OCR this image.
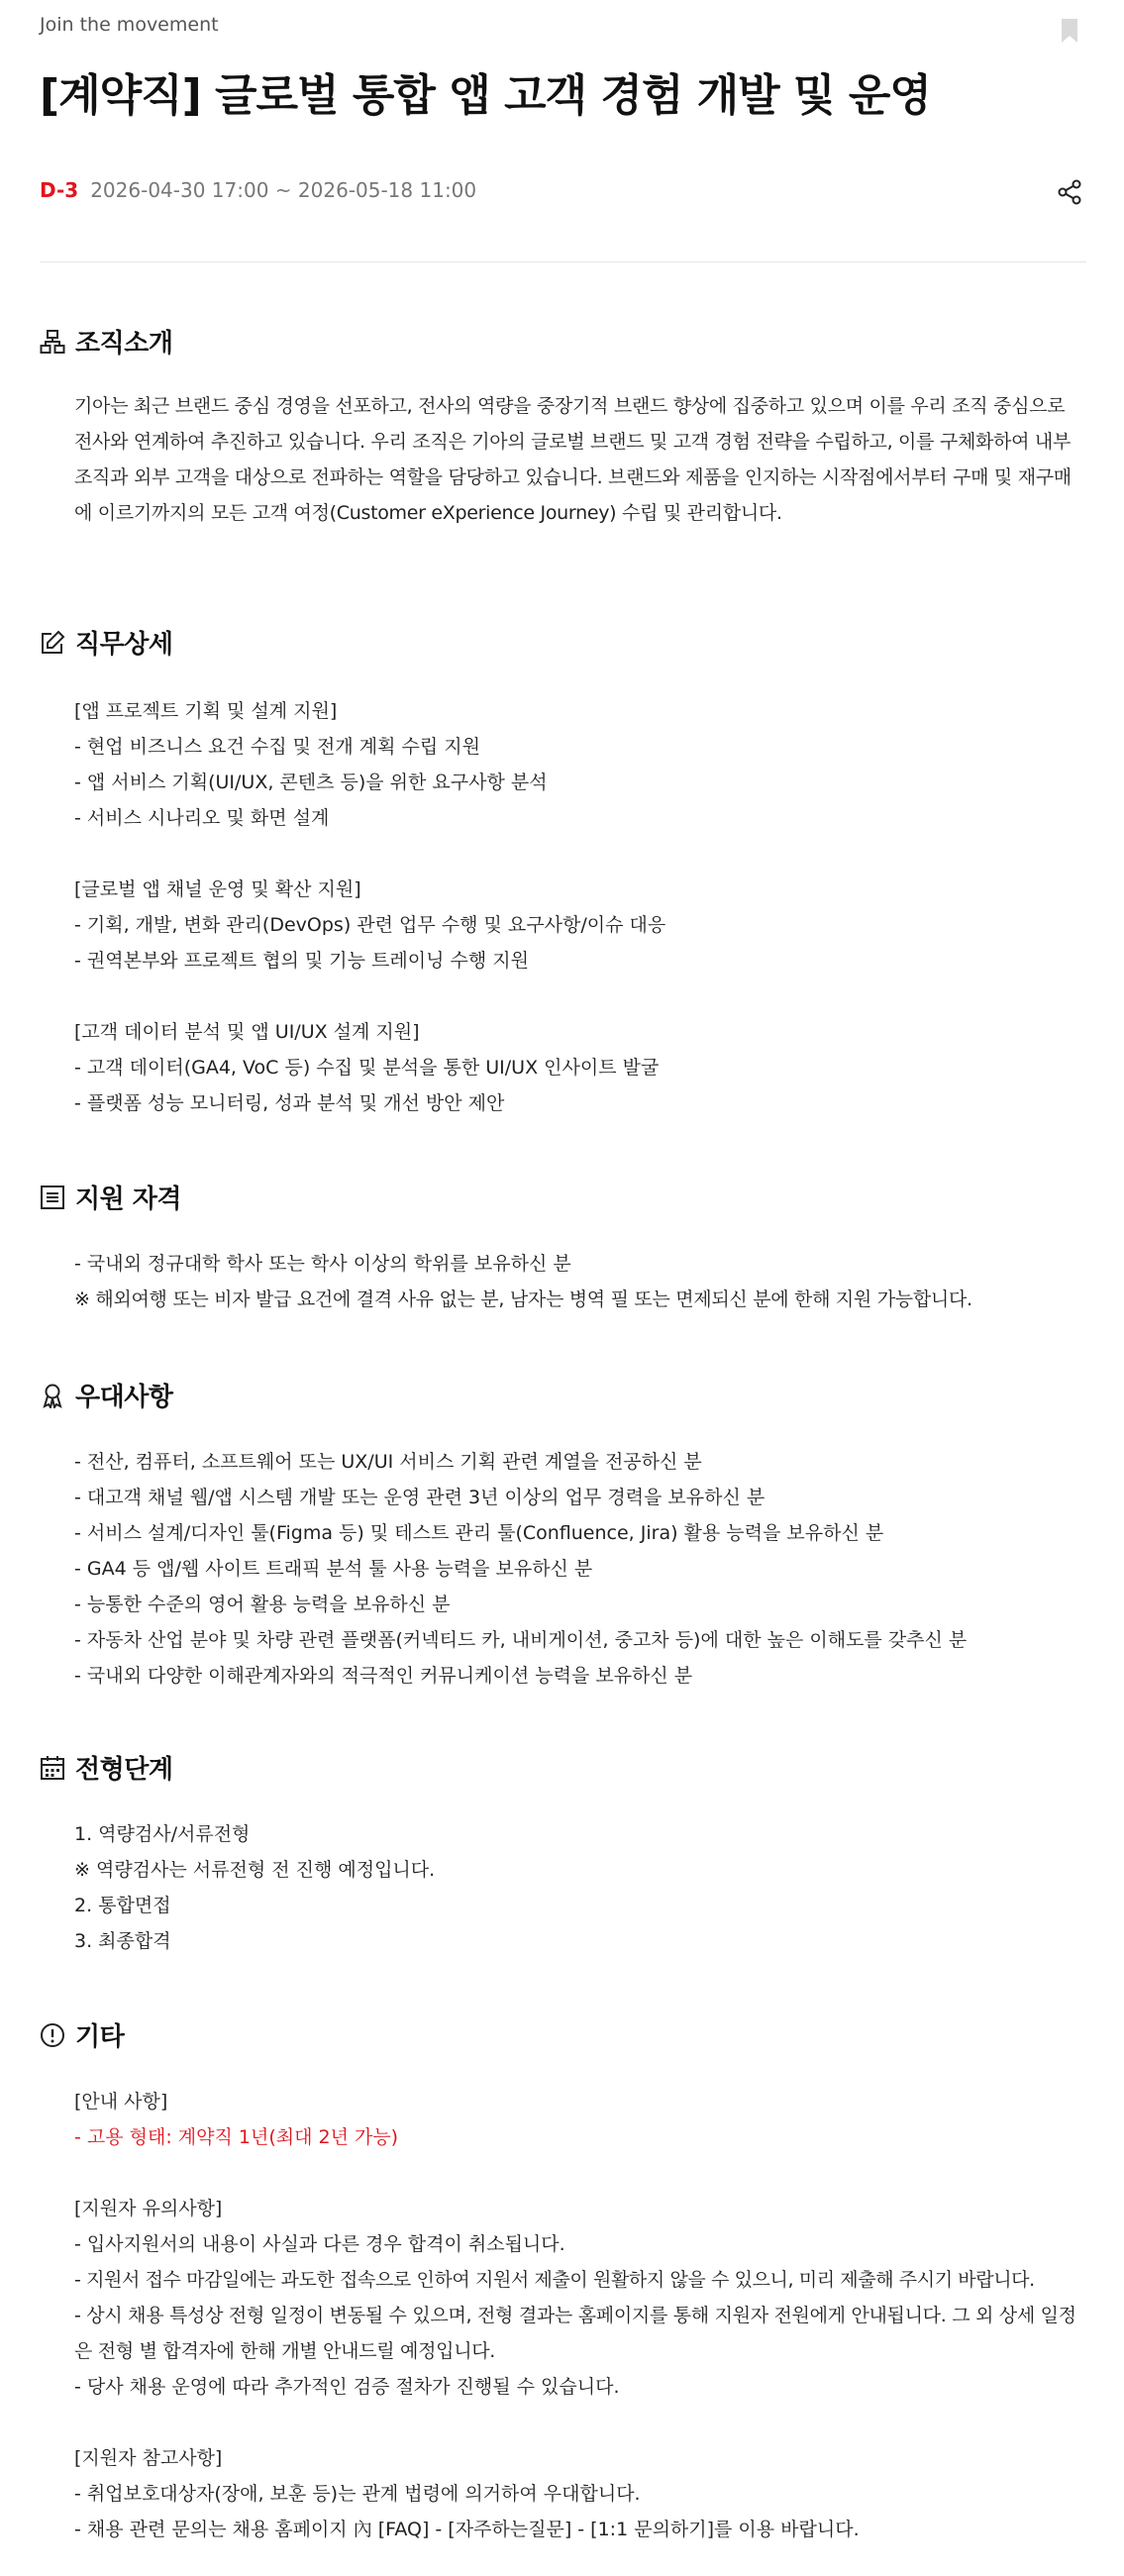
Join the movement
[계약직] 글로벌 통합 앱 고객 경험 개발 및 운영
D-3 2026-04-30 17:00 ~ 2026-05-18 11:00
조직소개
기아는 최근 브랜드 중심 경영을 선포하고, 전사의 역량을 중장기적 브랜드 향상에 집중하고 있으며 이를 우리 조직 중심으로 전사와 연계하여 추진하고 있습니다. 우리 조직은 기아의 글로벌 브랜드 및 고객 경험 전략을 수립하고, 이를 구체화하여 내부 조직과 외부 고객을 대상으로 전파하는 역할을 담당하고 있습니다. 브랜드와 제품을 인지하는 시작점에서부터 구매 및 재구매에 이르기까지의 모든 고객 여정(Customer eXperience Journey) 수립 및 관리합니다.
직무상세
[앱 프로젝트 기획 및 설계 지원]
- 현업 비즈니스 요건 수집 및 전개 계획 수립 지원
- 앱 서비스 기획(UI/UX, 콘텐츠 등)을 위한 요구사항 분석
- 서비스 시나리오 및 화면 설계
[글로벌 앱 채널 운영 및 확산 지원]
- 기획, 개발, 변화 관리(DevOps) 관련 업무 수행 및 요구사항/이슈 대응
- 권역본부와 프로젝트 협의 및 기능 트레이닝 수행 지원
[고객 데이터 분석 및 앱 UI/UX 설계 지원]
- 고객 데이터(GA4, VoC 등) 수집 및 분석을 통한 UI/UX 인사이트 발굴
- 플랫폼 성능 모니터링, 성과 분석 및 개선 방안 제안
지원 자격
- 국내외 정규대학 학사 또는 학사 이상의 학위를 보유하신 분
※ 해외여행 또는 비자 발급 요건에 결격 사유 없는 분, 남자는 병역 필 또는 면제되신 분에 한해 지원 가능합니다.
우대사항
- 전산, 컴퓨터, 소프트웨어 또는 UX/UI 서비스 기획 관련 계열을 전공하신 분
- 대고객 채널 웹/앱 시스템 개발 또는 운영 관련 3년 이상의 업무 경력을 보유하신 분
- 서비스 설계/디자인 툴(Figma 등) 및 테스트 관리 툴(Confluence, Jira) 활용 능력을 보유하신 분
- GA4 등 앱/웹 사이트 트래픽 분석 툴 사용 능력을 보유하신 분
- 능통한 수준의 영어 활용 능력을 보유하신 분
- 자동차 산업 분야 및 차량 관련 플랫폼(커넥티드 카, 내비게이션, 중고차 등)에 대한 높은 이해도를 갖추신 분
- 국내외 다양한 이해관계자와의 적극적인 커뮤니케이션 능력을 보유하신 분
전형단계
1. 역량검사/서류전형
※ 역량검사는 서류전형 전 진행 예정입니다.
2. 통합면접
3. 최종합격
기타
[안내 사항]
- 고용 형태: 계약직 1년(최대 2년 가능)
[지원자 유의사항]
- 입사지원서의 내용이 사실과 다른 경우 합격이 취소됩니다.
- 지원서 접수 마감일에는 과도한 접속으로 인하여 지원서 제출이 원활하지 않을 수 있으니, 미리 제출해 주시기 바랍니다.
- 상시 채용 특성상 전형 일정이 변동될 수 있으며, 전형 결과는 홈페이지를 통해 지원자 전원에게 안내됩니다. 그 외 상세 일정은 전형 별 합격자에 한해 개별 안내드릴 예정입니다.
- 당사 채용 운영에 따라 추가적인 검증 절차가 진행될 수 있습니다.
[지원자 참고사항]
- 취업보호대상자(장애, 보훈 등)는 관계 법령에 의거하여 우대합니다.
- 채용 관련 문의는 채용 홈페이지 內 [FAQ] - [자주하는질문] - [1:1 문의하기]를 이용 바랍니다.
